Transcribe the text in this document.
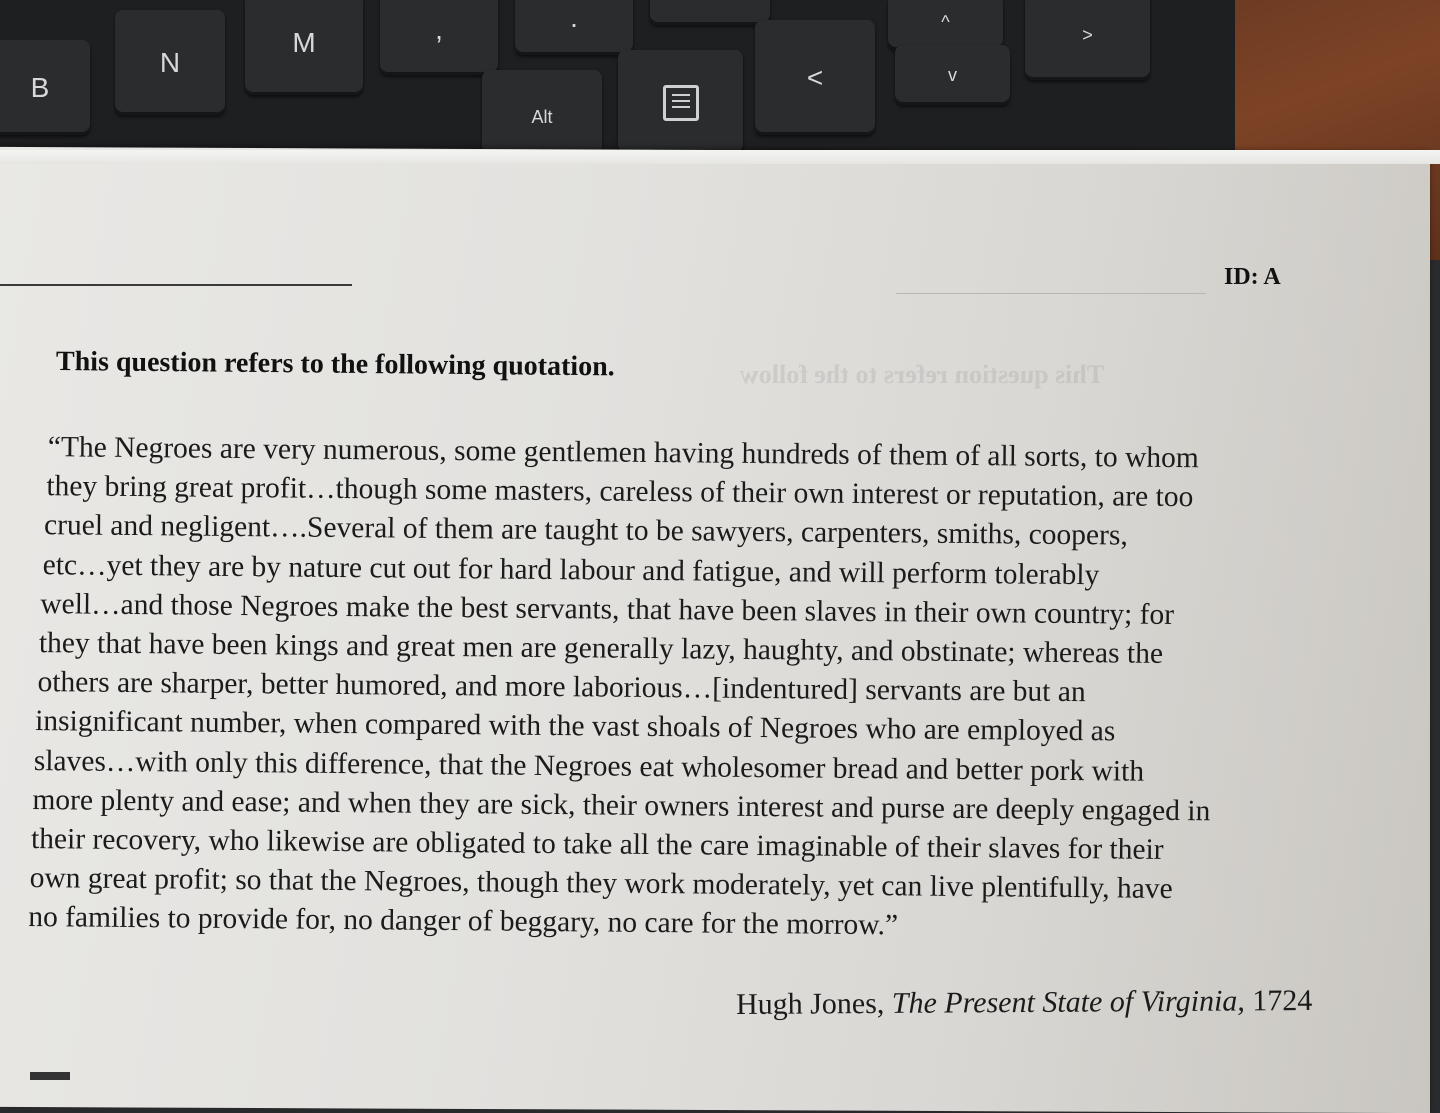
B
N
M	,	.
Alt
<
^
v
>
ID: A
This question refers to the follow
This question refers to the following quotation.
“The Negroes are very numerous, some gentlemen having hundreds of them of all sorts, to whom
they bring great profit…though some masters, careless of their own interest or reputation, are too
cruel and negligent….Several of them are taught to be sawyers, carpenters, smiths, coopers,
etc…yet they are by nature cut out for hard labour and fatigue, and will perform tolerably
well…and those Negroes make the best servants, that have been slaves in their own country; for
they that have been kings and great men are generally lazy, haughty, and obstinate; whereas the
others are sharper, better humored, and more laborious…[indentured] servants are but an
insignificant number, when compared with the vast shoals of Negroes who are employed as
slaves…with only this difference, that the Negroes eat wholesomer bread and better pork with
more plenty and ease; and when they are sick, their owners interest and purse are deeply engaged in
their recovery, who likewise are obligated to take all the care imaginable of their slaves for their
own great profit; so that the Negroes, though they work moderately, yet can live plentifully, have
no families to provide for, no danger of beggary, no care for the morrow.”
Hugh Jones, The Present State of Virginia, 1724
